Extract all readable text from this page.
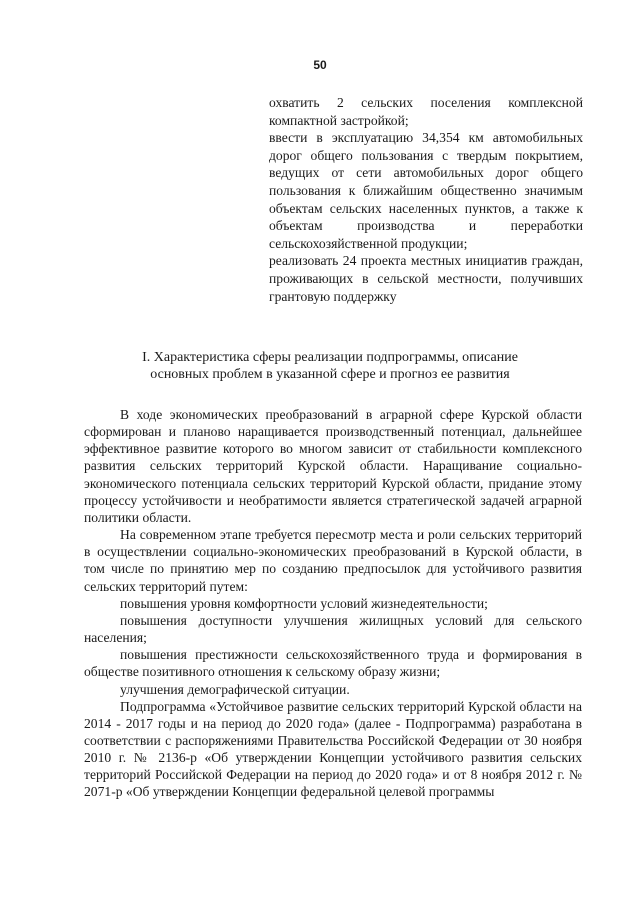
50

охватить 2 сельских поселения комплексной компактной застройкой;

ввести в эксплуатацию 34,354 км автомобильных дорог общего пользования с твердым покрытием, ведущих от сети автомобильных дорог общего пользования к ближайшим общественно значимым объектам сельских населенных пунктов, а также к объектам производства и переработки сельскохозяйственной продукции;

реализовать 24 проекта местных инициатив граждан, проживающих в сельской местности, получивших грантовую поддержку

I. Характеристика сферы реализации подпрограммы, описание

основных проблем в указанной сфере и прогноз ее развития

В ходе экономических преобразований в аграрной сфере Курской области сформирован и планово наращивается производственный потенциал, дальнейшее эффективное развитие которого во многом зависит от стабильности комплексного развития сельских территорий Курской области. Наращивание социально-экономического потенциала сельских территорий Курской области, придание этому процессу устойчивости и необратимости является стратегической задачей аграрной политики области.

На современном этапе требуется пересмотр места и роли сельских территорий в осуществлении социально-экономических преобразований в Курской области, в том числе по принятию мер по созданию предпосылок для устойчивого развития сельских территорий путем:

повышения уровня комфортности условий жизнедеятельности;

повышения доступности улучшения жилищных условий для сельского населения;

повышения престижности сельскохозяйственного труда и формирования в обществе позитивного отношения к сельскому образу жизни;

улучшения демографической ситуации.

Подпрограмма «Устойчивое развитие сельских территорий Курской области на 2014 - 2017 годы и на период до 2020 года» (далее - Подпрограмма) разработана в соответствии с распоряжениями Правительства Российской Федерации от 30 ноября 2010 г. № 2136-р «Об утверждении Концепции устойчивого развития сельских территорий Российской Федерации на период до 2020 года» и от 8 ноября 2012 г. № 2071-р «Об утверждении Концепции федеральной целевой программы
